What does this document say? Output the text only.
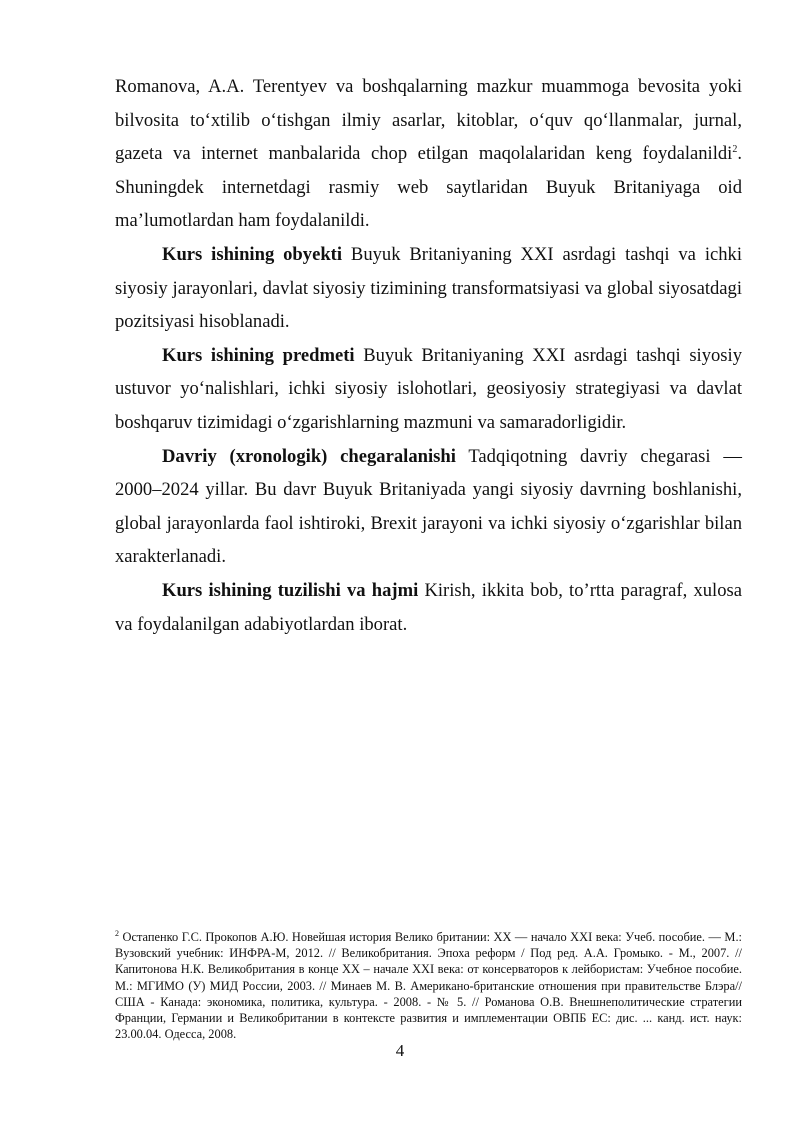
Romanova, A.A. Terentyev va boshqalarning mazkur muammoga bevosita yoki bilvosita to‘xtilib o‘tishgan ilmiy asarlar, kitoblar, o‘quv qo‘llanmalar, jurnal, gazeta va internet manbalarida chop etilgan maqolalaridan keng foydalanildi$^2$. Shuningdek internetdagi rasmiy web saytlaridan Buyuk Britaniyaga oid ma’lumotlardan ham foydalanildi.

Kurs ishining obyekti Buyuk Britaniyaning XXI asrdagi tashqi va ichki siyosiy jarayonlari, davlat siyosiy tizimining transformatsiyasi va global siyosatdagi pozitsiyasi hisoblanadi.

Kurs ishining predmeti Buyuk Britaniyaning XXI asrdagi tashqi siyosiy ustuvor yo‘nalishlari, ichki siyosiy islohotlari, geosiyosiy strategiyasi va davlat boshqaruv tizimidagi o‘zgarishlarning mazmuni va samaradorligidir.

Davriy (xronologik) chegaralanishi Tadqiqotning davriy chegarasi — 2000–2024 yillar. Bu davr Buyuk Britaniyada yangi siyosiy davrning boshlanishi, global jarayonlarda faol ishtiroki, Brexit jarayoni va ichki siyosiy o‘zgarishlar bilan xarakterlanadi.

Kurs ishining tuzilishi va hajmi Kirish, ikkita bob, to’rtta paragraf, xulosa va foydalanilgan adabiyotlardan iborat.

$^2$ Остапенко Г.С. Прокопов А.Ю. Новейшая история Велико британии: XX — начало XXI века: Учеб. пособие. — М.: Вузовский учебник: ИНФРА-М, 2012. // Великобритания. Эпоха реформ / Под ред. А.А. Громыко. - М., 2007. // Капитонова Н.К. Великобритания в конце XX – начале XXI века: от консерваторов к лейбористам: Учебное пособие. М.: МГИМО (У) МИД России, 2003. // Минаев М. В. Американо-британские отношения при правительстве Блэра//США - Канада: экономика, политика, культура. - 2008. - № 5. // Романова О.В. Внешнеполитические стратегии Франции, Германии и Великобритании в контексте развития и имплементации ОВПБ ЕС: дис. ... канд. ист. наук: 23.00.04. Одесса, 2008.
4
